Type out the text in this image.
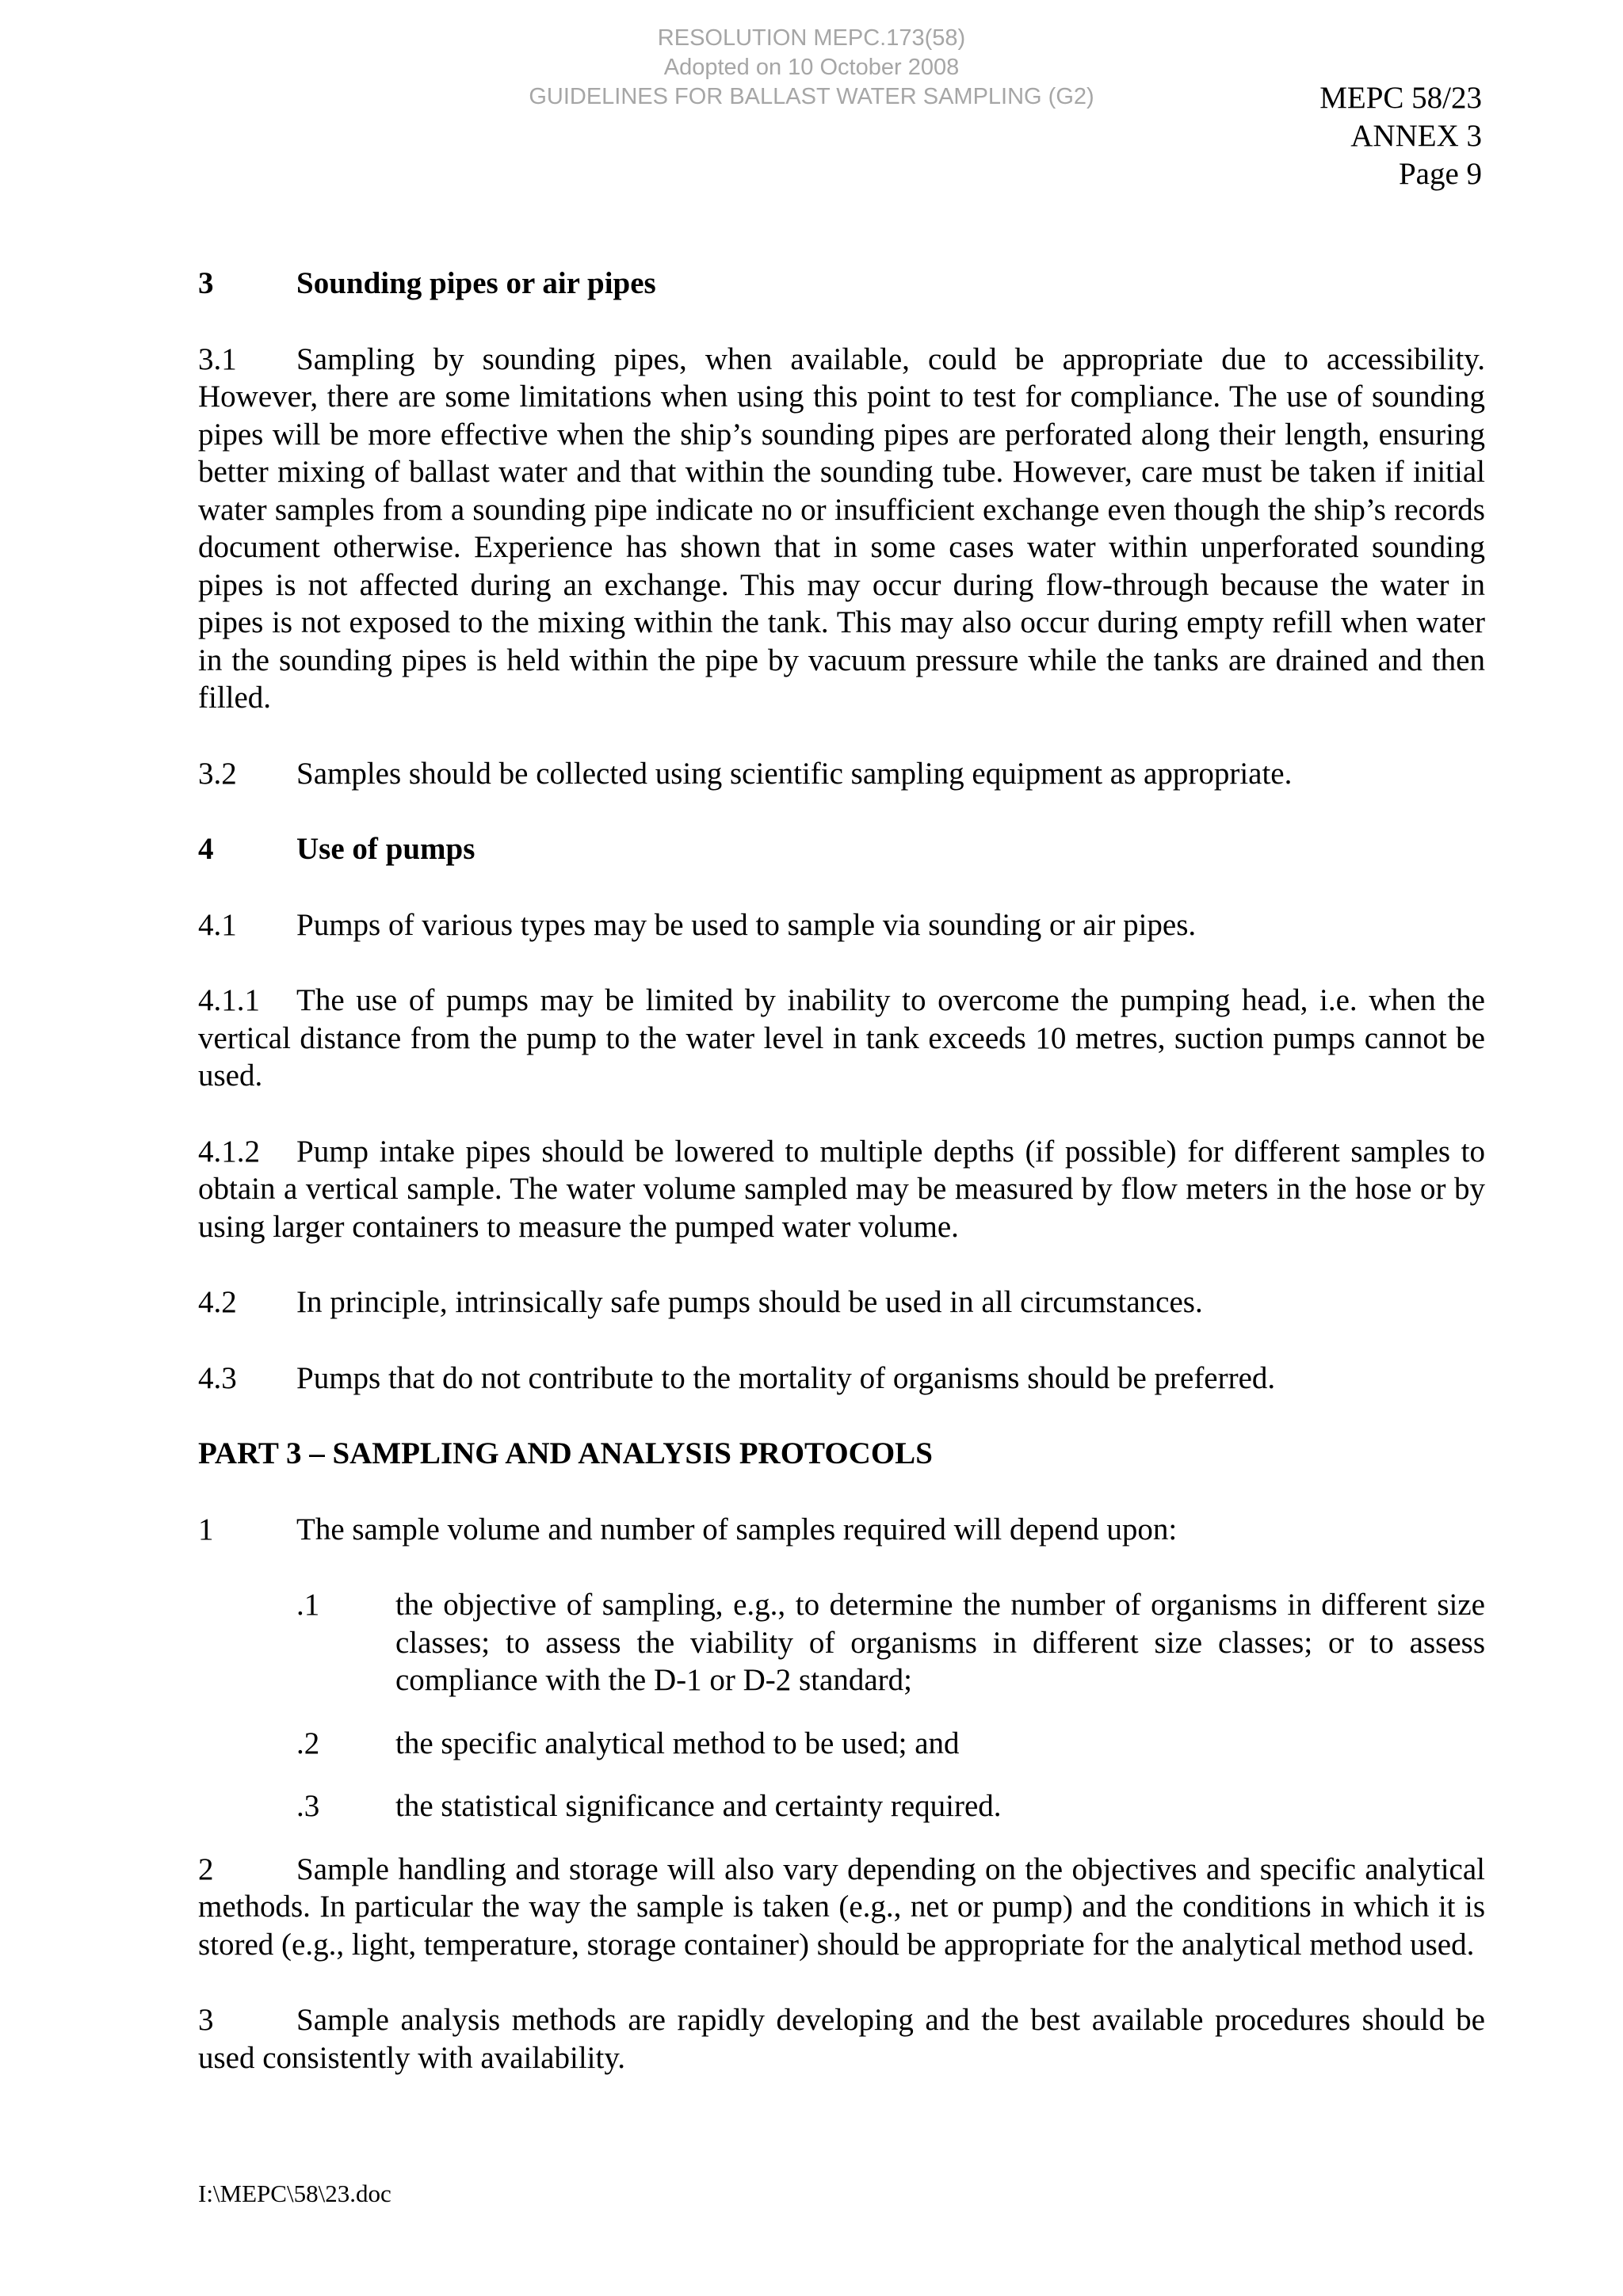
RESOLUTION MEPC.173(58)
Adopted on 10 October 2008
GUIDELINES FOR BALLAST WATER SAMPLING (G2)	MEPC 58/23
ANNEX 3
Page 9

3	Sounding pipes or air pipes

3.1 Sampling by sounding pipes, when available, could be appropriate due to accessibility. However, there are some limitations when using this point to test for compliance. The use of sounding pipes will be more effective when the ship’s sounding pipes are perforated along their length, ensuring better mixing of ballast water and that within the sounding tube. However, care must be taken if initial water samples from a sounding pipe indicate no or insufficient exchange even though the ship’s records document otherwise. Experience has shown that in some cases water within unperforated sounding pipes is not affected during an exchange. This may occur during flow-through because the water in pipes is not exposed to the mixing within the tank. This may also occur during empty refill when water in the sounding pipes is held within the pipe by vacuum pressure while the tanks are drained and then filled.

3.2 Samples should be collected using scientific sampling equipment as appropriate.

4	Use of pumps

4.1 Pumps of various types may be used to sample via sounding or air pipes.

4.1.1 The use of pumps may be limited by inability to overcome the pumping head, i.e. when the vertical distance from the pump to the water level in tank exceeds 10 metres, suction pumps cannot be used.

4.1.2 Pump intake pipes should be lowered to multiple depths (if possible) for different samples to obtain a vertical sample. The water volume sampled may be measured by flow meters in the hose or by using larger containers to measure the pumped water volume.

4.2 In principle, intrinsically safe pumps should be used in all circumstances.

4.3 Pumps that do not contribute to the mortality of organisms should be preferred.

PART 3 – SAMPLING AND ANALYSIS PROTOCOLS

1	The sample volume and number of samples required will depend upon:

.1 the objective of sampling, e.g., to determine the number of organisms in different size classes; to assess the viability of organisms in different size classes; or to assess compliance with the D-1 or D-2 standard;
.2 the specific analytical method to be used; and
.3 the statistical significance and certainty required.

2	Sample handling and storage will also vary depending on the objectives and specific analytical methods. In particular the way the sample is taken (e.g., net or pump) and the conditions in which it is stored (e.g., light, temperature, storage container) should be appropriate for the analytical method used.

3	Sample analysis methods are rapidly developing and the best available procedures should be used consistently with availability.

I:\MEPC\58\23.doc
